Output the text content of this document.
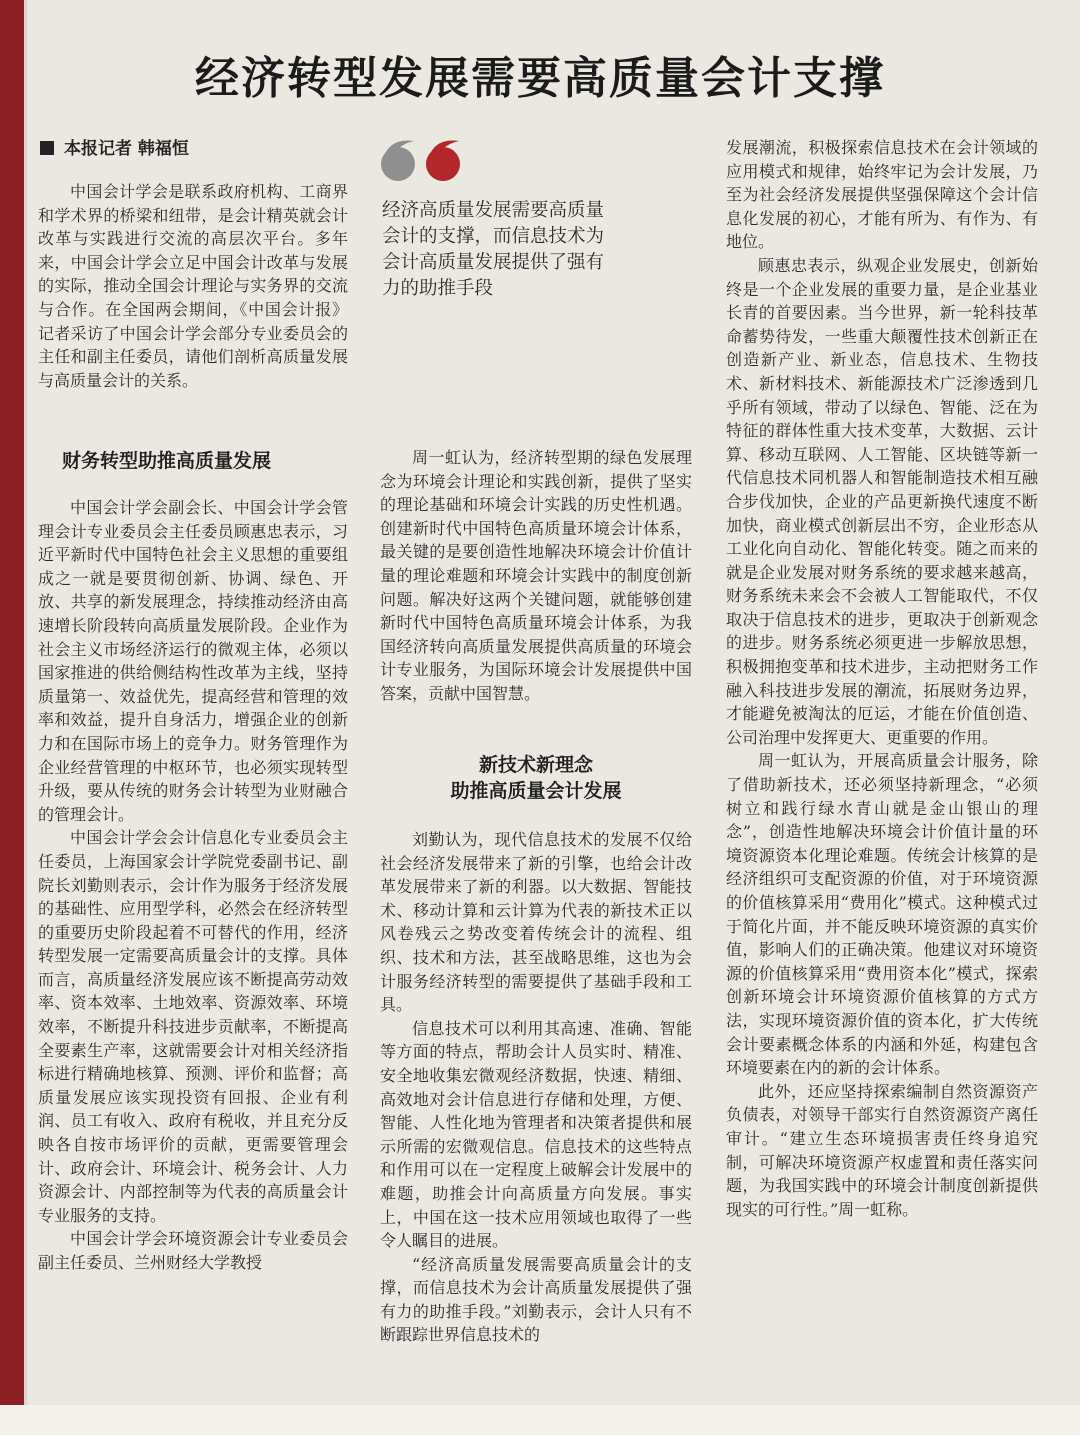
经济转型发展需要高质量会计支撑
本报记者 韩福恒

中国会计学会是联系政府机构、工商界和学术界的桥梁和纽带，是会计精英就会计改革与实践进行交流的高层次平台。多年来，中国会计学会立足中国会计改革与发展的实际，推动全国会计理论与实务界的交流与合作。在全国两会期间，《中国会计报》记者采访了中国会计学会部分专业委员会的主任和副主任委员，请他们剖析高质量发展与高质量会计的关系。

财务转型助推高质量发展

中国会计学会副会长、中国会计学会管理会计专业委员会主任委员顾惠忠表示，习近平新时代中国特色社会主义思想的重要组成之一就是要贯彻创新、协调、绿色、开放、共享的新发展理念，持续推动经济由高速增长阶段转向高质量发展阶段。企业作为社会主义市场经济运行的微观主体，必须以国家推进的供给侧结构性改革为主线，坚持质量第一、效益优先，提高经营和管理的效率和效益，提升自身活力，增强企业的创新力和在国际市场上的竞争力。财务管理作为企业经营管理的中枢环节，也必须实现转型升级，要从传统的财务会计转型为业财融合的管理会计。

中国会计学会会计信息化专业委员会主任委员，上海国家会计学院党委副书记、副院长刘勤则表示，会计作为服务于经济发展的基础性、应用型学科，必然会在经济转型的重要历史阶段起着不可替代的作用，经济转型发展一定需要高质量会计的支撑。具体而言，高质量经济发展应该不断提高劳动效率、资本效率、土地效率、资源效率、环境效率，不断提升科技进步贡献率，不断提高全要素生产率，这就需要会计对相关经济指标进行精确地核算、预测、评价和监督；高质量发展应该实现投资有回报、企业有利润、员工有收入、政府有税收，并且充分反映各自按市场评价的贡献，更需要管理会计、政府会计、环境会计、税务会计、人力资源会计、内部控制等为代表的高质量会计专业服务的支持。

中国会计学会环境资源会计专业委员会副主任委员、兰州财经大学教授

经济高质量发展需要高质量会计的支撑，而信息技术为会计高质量发展提供了强有力的助推手段

周一虹认为，经济转型期的绿色发展理念为环境会计理论和实践创新，提供了坚实的理论基础和环境会计实践的历史性机遇。创建新时代中国特色高质量环境会计体系，最关键的是要创造性地解决环境会计价值计量的理论难题和环境会计实践中的制度创新问题。解决好这两个关键问题，就能够创建新时代中国特色高质量环境会计体系，为我国经济转向高质量发展提供高质量的环境会计专业服务，为国际环境会计发展提供中国答案，贡献中国智慧。

新技术新理念
助推高质量会计发展

刘勤认为，现代信息技术的发展不仅给社会经济发展带来了新的引擎，也给会计改革发展带来了新的利器。以大数据、智能技术、移动计算和云计算为代表的新技术正以风卷残云之势改变着传统会计的流程、组织、技术和方法，甚至战略思维，这也为会计服务经济转型的需要提供了基础手段和工具。

信息技术可以利用其高速、准确、智能等方面的特点，帮助会计人员实时、精准、安全地收集宏微观经济数据，快速、精细、高效地对会计信息进行存储和处理，方便、智能、人性化地为管理者和决策者提供和展示所需的宏微观信息。信息技术的这些特点和作用可以在一定程度上破解会计发展中的难题，助推会计向高质量方向发展。事实上，中国在这一技术应用领域也取得了一些令人瞩目的进展。

“经济高质量发展需要高质量会计的支撑，而信息技术为会计高质量发展提供了强有力的助推手段。”刘勤表示，会计人只有不断跟踪世界信息技术的

发展潮流，积极探索信息技术在会计领域的应用模式和规律，始终牢记为会计发展，乃至为社会经济发展提供坚强保障这个会计信息化发展的初心，才能有所为、有作为、有地位。

顾惠忠表示，纵观企业发展史，创新始终是一个企业发展的重要力量，是企业基业长青的首要因素。当今世界，新一轮科技革命蓄势待发，一些重大颠覆性技术创新正在创造新产业、新业态，信息技术、生物技术、新材料技术、新能源技术广泛渗透到几乎所有领域，带动了以绿色、智能、泛在为特征的群体性重大技术变革，大数据、云计算、移动互联网、人工智能、区块链等新一代信息技术同机器人和智能制造技术相互融合步伐加快，企业的产品更新换代速度不断加快，商业模式创新层出不穷，企业形态从工业化向自动化、智能化转变。随之而来的就是企业发展对财务系统的要求越来越高，财务系统未来会不会被人工智能取代，不仅取决于信息技术的进步，更取决于创新观念的进步。财务系统必须更进一步解放思想，积极拥抱变革和技术进步，主动把财务工作融入科技进步发展的潮流，拓展财务边界，才能避免被淘汰的厄运，才能在价值创造、公司治理中发挥更大、更重要的作用。

周一虹认为，开展高质量会计服务，除了借助新技术，还必须坚持新理念，“必须树立和践行绿水青山就是金山银山的理念”，创造性地解决环境会计价值计量的环境资源资本化理论难题。传统会计核算的是经济组织可支配资源的价值，对于环境资源的价值核算采用“费用化”模式。这种模式过于简化片面，并不能反映环境资源的真实价值，影响人们的正确决策。他建议对环境资源的价值核算采用“费用资本化”模式，探索创新环境会计环境资源价值核算的方式方法，实现环境资源价值的资本化，扩大传统会计要素概念体系的内涵和外延，构建包含环境要素在内的新的会计体系。

此外，还应坚持探索编制自然资源资产负债表，对领导干部实行自然资源资产离任审计。“建立生态环境损害责任终身追究制，可解决环境资源产权虚置和责任落实问题，为我国实践中的环境会计制度创新提供现实的可行性。”周一虹称。
